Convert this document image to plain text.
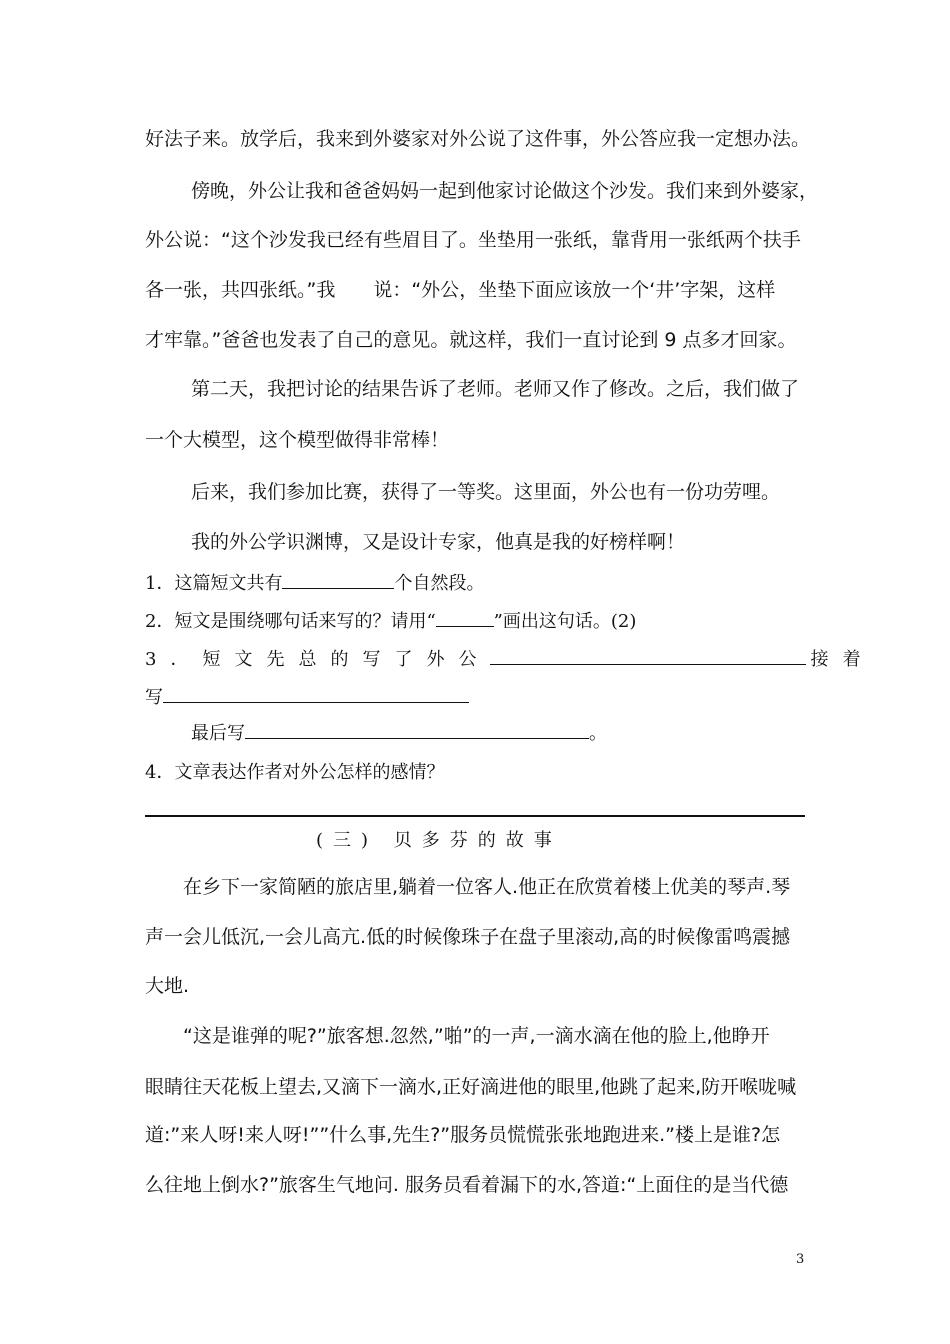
好法子来。放学后，我来到外婆家对外公说了这件事，外公答应我一定想办法。
傍晚，外公让我和爸爸妈妈一起到他家讨论做这个沙发。我们来到外婆家，
外公说：“这个沙发我已经有些眉目了。坐垫用一张纸，靠背用一张纸两个扶手
各一张，共四张纸。”我　　说：“外公，坐垫下面应该放一个‘井’字架，这样
才牢靠。”爸爸也发表了自己的意见。就这样，我们一直讨论到 9 点多才回家。
第二天，我把讨论的结果告诉了老师。老师又作了修改。之后，我们做了
一个大模型，这个模型做得非常棒！
后来，我们参加比赛，获得了一等奖。这里面，外公也有一份功劳哩。
我的外公学识渊博，又是设计专家，他真是我的好榜样啊！
1．这篇短文共有	个自然段。
2．短文是围绕哪句话来写的？请用“	”画出这句话。(2)
3．短文先总的写了外公	接着
写
最后写	。
4．文章表达作者对外公怎样的感情？
(三) 贝多芬的故事
在乡下一家简陋的旅店里,躺着一位客人.他正在欣赏着楼上优美的琴声.琴
声一会儿低沉,一会儿高亢.低的时候像珠子在盘子里滚动,高的时候像雷鸣震撼
大地.
“这是谁弹的呢?”旅客想.忽然,”啪”的一声,一滴水滴在他的脸上,他睁开
眼睛往天花板上望去,又滴下一滴水,正好滴进他的眼里,他跳了起来,防开喉咙喊
道:”来人呀!来人呀!””什么事,先生?”服务员慌慌张张地跑进来.”楼上是谁?怎
么往地上倒水?”旅客生气地问. 服务员看着漏下的水,答道:“上面住的是当代德
3
